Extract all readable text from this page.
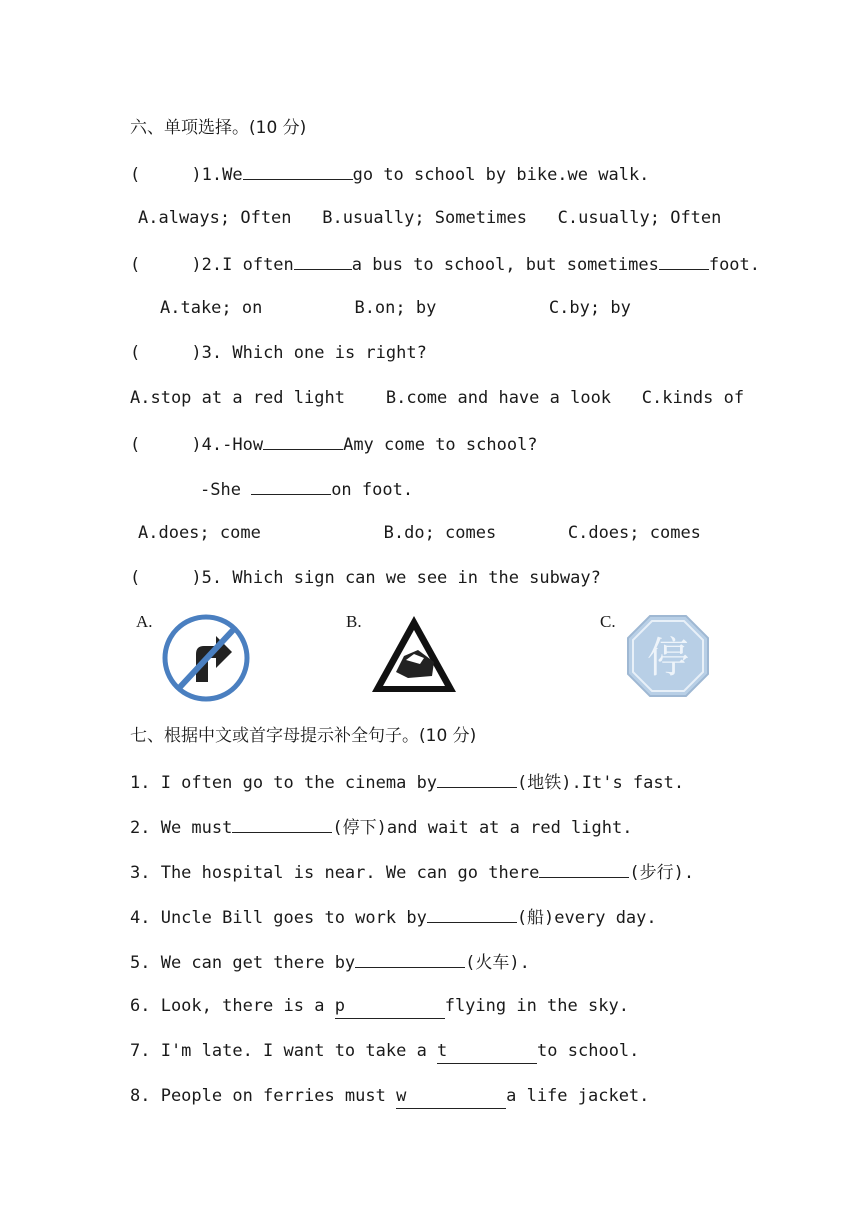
六、单项选择。(10 分)
(     )1.We	go to school by bike.we walk.
A.always; Often   B.usually; Sometimes   C.usually; Often
(     )2.I often	a bus to school, but sometimes	foot.
A.take; on         B.on; by           C.by; by
(     )3. Which one is right?
A.stop at a red light    B.come and have a look   C.kinds of
(     )4.-How	Amy come to school?
-She	on foot.
A.does; come            B.do; comes       C.does; comes
(     )5. Which sign can we see in the subway?
A.	B.	C.
停
七、根据中文或首字母提示补全句子。(10 分)
1. I often go to the cinema by	(地铁).It's fast.
2. We must	(停下)and wait at a red light.
3. The hospital is near. We can go there	(步行).
4. Uncle Bill goes to work by	(船)every day.
5. We can get there by	(火车).
6. Look, there is a p	flying in the sky.
7. I'm late. I want to take a t	to school.
8. People on ferries must w	a life jacket.
